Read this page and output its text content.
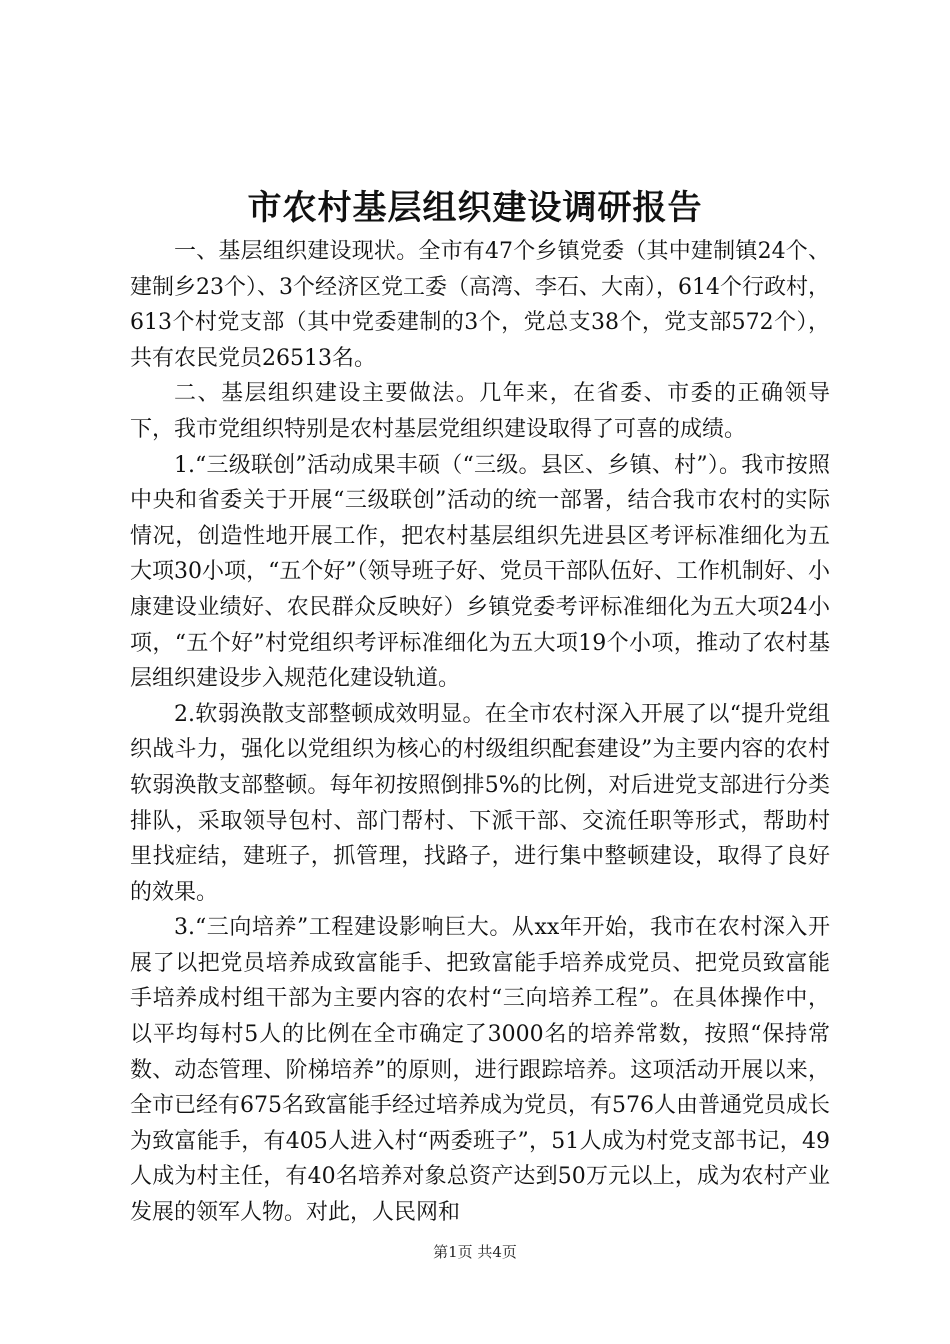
市农村基层组织建设调研报告

一、基层组织建设现状。全市有47个乡镇党委（其中建制镇24个、建制乡23个）、3个经济区党工委（高湾、李石、大南），614个行政村，613个村党支部（其中党委建制的3个，党总支38个，党支部572个），共有农民党员26513名。

二、基层组织建设主要做法。几年来，在省委、市委的正确领导下，我市党组织特别是农村基层党组织建设取得了可喜的成绩。

1.“三级联创”活动成果丰硕（“三级。县区、乡镇、村”）。我市按照中央和省委关于开展“三级联创”活动的统一部署，结合我市农村的实际情况，创造性地开展工作，把农村基层组织先进县区考评标准细化为五大项30小项，“五个好”（领导班子好、党员干部队伍好、工作机制好、小康建设业绩好、农民群众反映好）乡镇党委考评标准细化为五大项24小项，“五个好”村党组织考评标准细化为五大项19个小项，推动了农村基层组织建设步入规范化建设轨道。

2.软弱涣散支部整顿成效明显。在全市农村深入开展了以“提升党组织战斗力，强化以党组织为核心的村级组织配套建设”为主要内容的农村软弱涣散支部整顿。每年初按照倒排5%的比例，对后进党支部进行分类排队，采取领导包村、部门帮村、下派干部、交流任职等形式，帮助村里找症结，建班子，抓管理，找路子，进行集中整顿建设，取得了良好的效果。

3.“三向培养”工程建设影响巨大。从xx年开始，我市在农村深入开展了以把党员培养成致富能手、把致富能手培养成党员、把党员致富能手培养成村组干部为主要内容的农村“三向培养工程”。在具体操作中，以平均每村5人的比例在全市确定了3000名的培养常数，按照“保持常数、动态管理、阶梯培养”的原则，进行跟踪培养。这项活动开展以来，全市已经有675名致富能手经过培养成为党员，有576人由普通党员成长为致富能手，有405人进入村“两委班子”，51人成为村党支部书记，49人成为村主任，有40名培养对象总资产达到50万元以上，成为农村产业发展的领军人物。对此，人民网和

第1页 共4页
